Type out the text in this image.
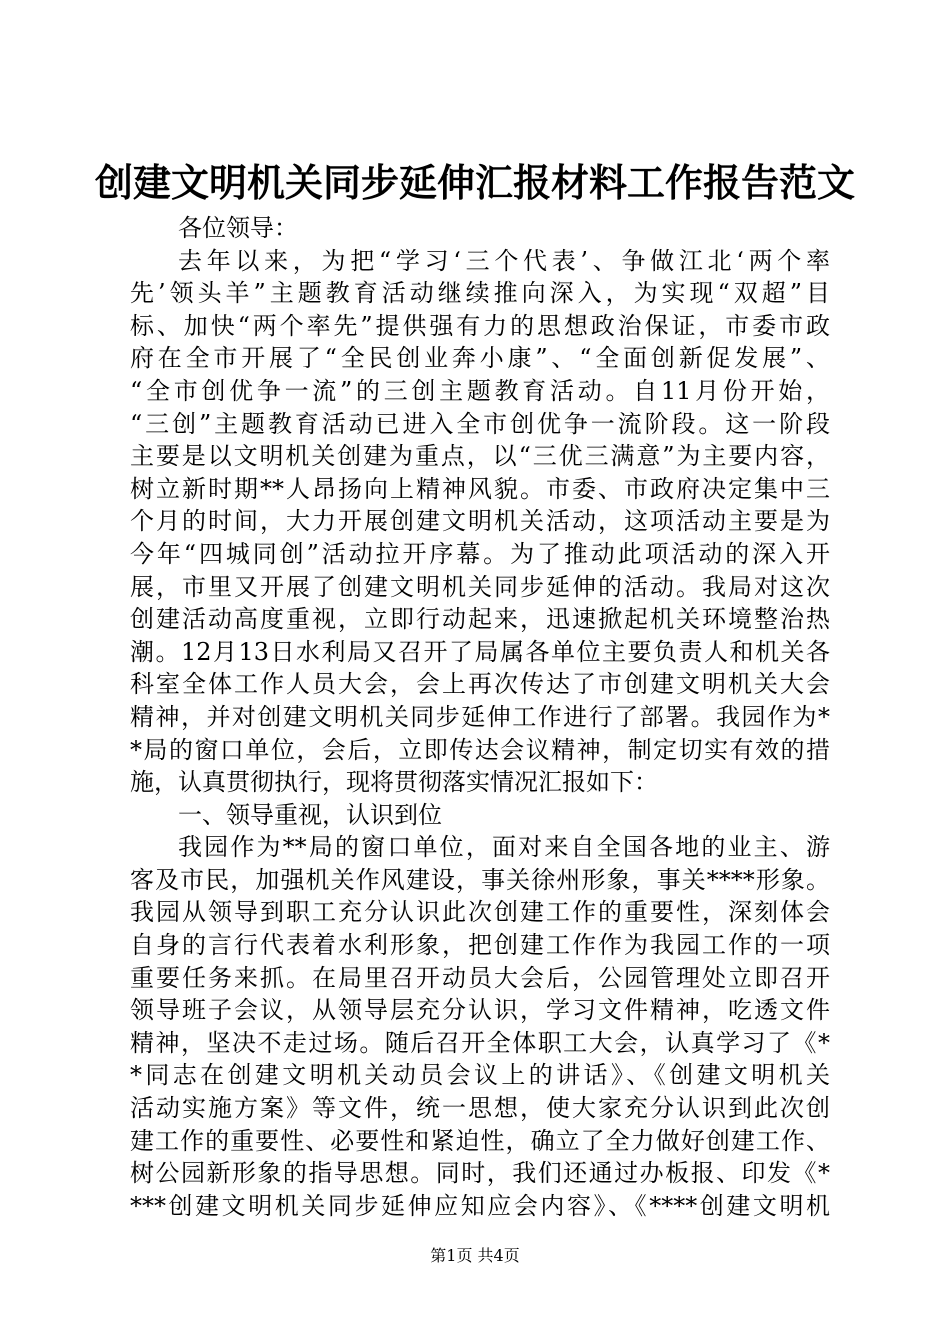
创建文明机关同步延伸汇报材料工作报告范文
各位领导：
去年以来，为把“学习‘三个代表’、争做江北‘两个率
先’领头羊”主题教育活动继续推向深入，为实现“双超”目
标、加快“两个率先”提供强有力的思想政治保证，市委市政
府在全市开展了“全民创业奔小康”、“全面创新促发展”、
“全市创优争一流”的三创主题教育活动。自11月份开始，
“三创”主题教育活动已进入全市创优争一流阶段。这一阶段
主要是以文明机关创建为重点，以“三优三满意”为主要内容，
树立新时期**人昂扬向上精神风貌。市委、市政府决定集中三
个月的时间，大力开展创建文明机关活动，这项活动主要是为
今年“四城同创”活动拉开序幕。为了推动此项活动的深入开
展，市里又开展了创建文明机关同步延伸的活动。我局对这次
创建活动高度重视，立即行动起来，迅速掀起机关环境整治热
潮。12月13日水利局又召开了局属各单位主要负责人和机关各
科室全体工作人员大会，会上再次传达了市创建文明机关大会
精神，并对创建文明机关同步延伸工作进行了部署。我园作为*
*局的窗口单位，会后，立即传达会议精神，制定切实有效的措
施，认真贯彻执行，现将贯彻落实情况汇报如下：
一、领导重视，认识到位
我园作为**局的窗口单位，面对来自全国各地的业主、游
客及市民，加强机关作风建设，事关徐州形象，事关****形象。
我园从领导到职工充分认识此次创建工作的重要性，深刻体会
自身的言行代表着水利形象，把创建工作作为我园工作的一项
重要任务来抓。在局里召开动员大会后，公园管理处立即召开
领导班子会议，从领导层充分认识，学习文件精神，吃透文件
精神，坚决不走过场。随后召开全体职工大会，认真学习了《*
*同志在创建文明机关动员会议上的讲话》、《创建文明机关
活动实施方案》等文件，统一思想，使大家充分认识到此次创
建工作的重要性、必要性和紧迫性，确立了全力做好创建工作、
树公园新形象的指导思想。同时，我们还通过办板报、印发《*
***创建文明机关同步延伸应知应会内容》、《****创建文明机
第1页 共4页
